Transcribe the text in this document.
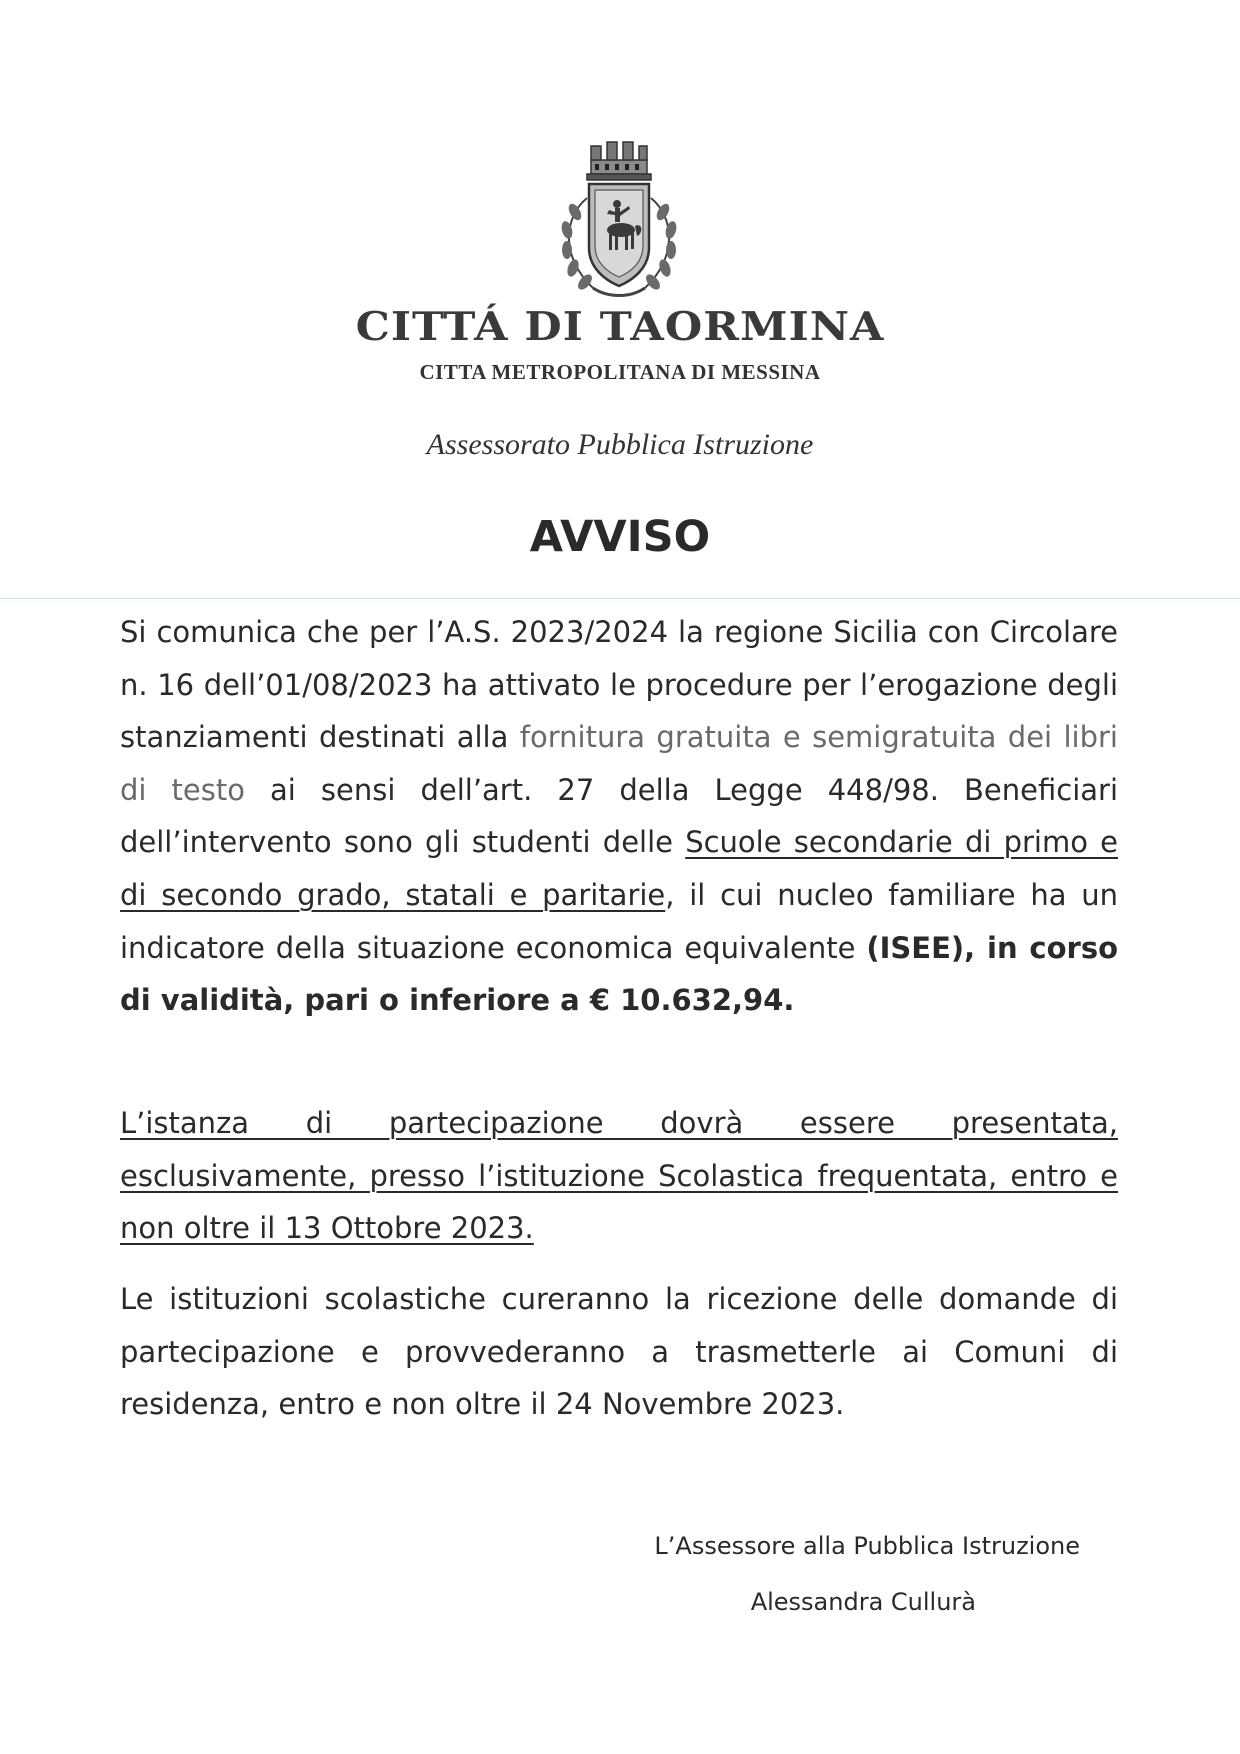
CITTÁ DI TAORMINA
CITTA METROPOLITANA DI MESSINA
Assessorato Pubblica Istruzione
AVVISO

Si comunica che per l’A.S. 2023/2024 la regione Sicilia con Circolare n. 16 dell’01/08/2023 ha attivato le procedure per l’erogazione degli stanziamenti destinati alla fornitura gratuita e semigratuita dei libri di testo ai sensi dell’art. 27 della Legge 448/98. Beneficiari dell’intervento sono gli studenti delle Scuole secondarie di primo e di secondo grado, statali e paritarie, il cui nucleo familiare ha un indicatore della situazione economica equivalente (ISEE), in corso di validità, pari o inferiore a € 10.632,94.

L’istanza di partecipazione dovrà essere presentata, esclusivamente, presso l’istituzione Scolastica frequentata, entro e non oltre il 13 Ottobre 2023.

Le istituzioni scolastiche cureranno la ricezione delle domande di partecipazione e provvederanno a trasmetterle ai Comuni di residenza, entro e non oltre il 24 Novembre 2023.

L’Assessore alla Pubblica Istruzione
Alessandra Cullurà
